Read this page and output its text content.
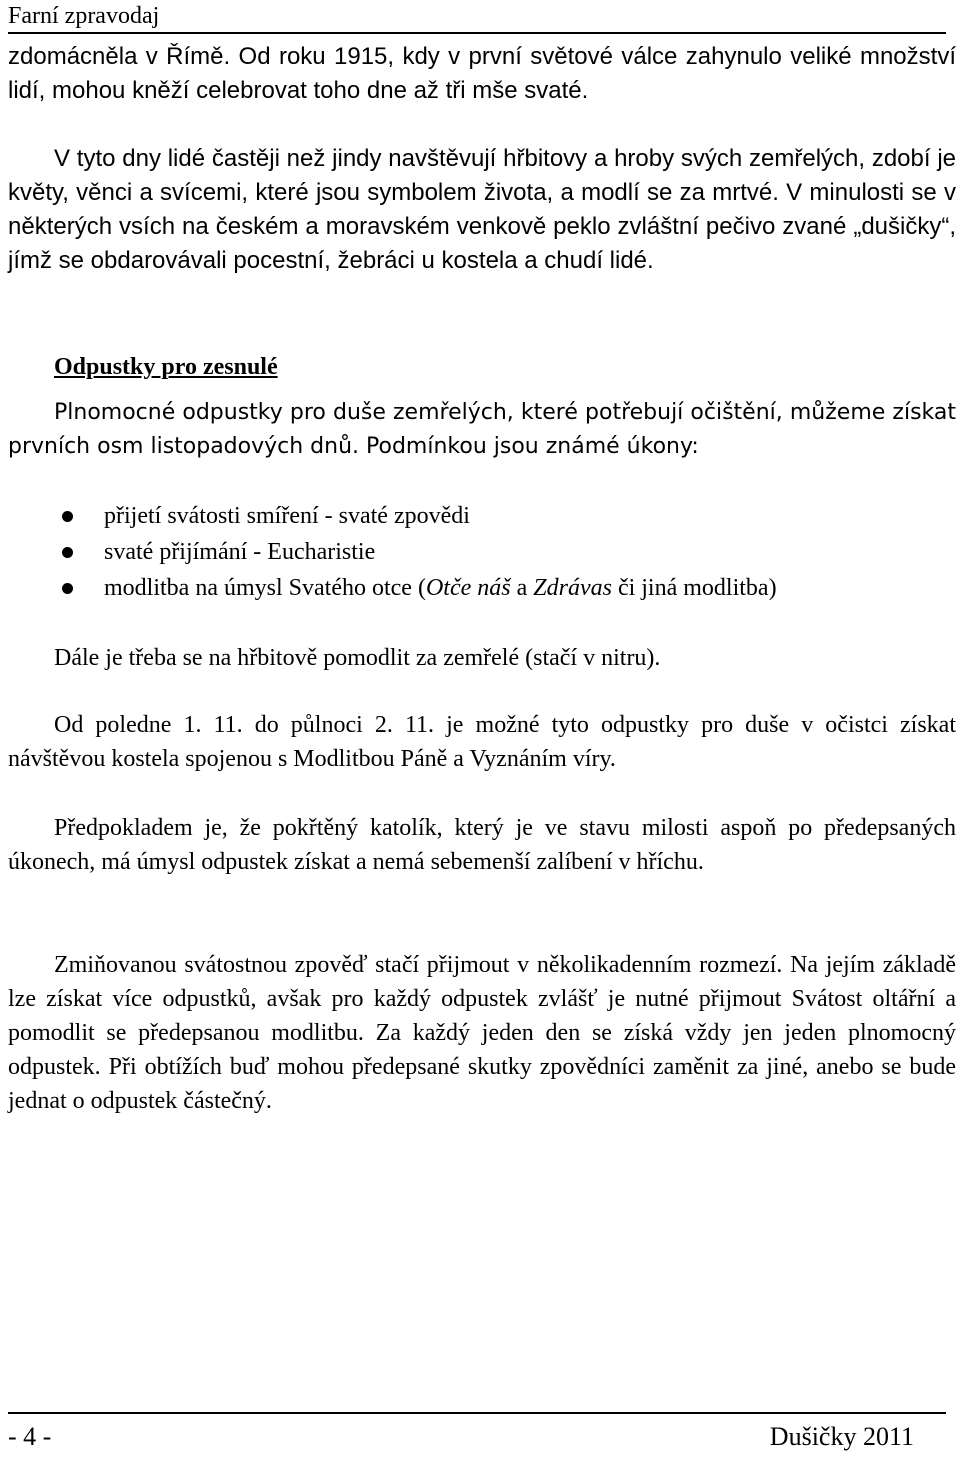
Farní zpravodaj

zdomácněla v Římě. Od roku 1915, kdy v první světové válce zahynulo veliké množství lidí, mohou kněží celebrovat toho dne až tři mše svaté.

V tyto dny lidé častěji než jindy navštěvují hřbitovy a hroby svých zemřelých, zdobí je květy, věnci a svícemi, které jsou symbolem života, a modlí se za mrtvé. V minulosti se v některých vsích na českém a moravském venkově peklo zvláštní pečivo zvané „dušičky“, jímž se obdarovávali pocestní, žebráci u kostela a chudí lidé.

Odpustky pro zesnulé

Plnomocné odpustky pro duše zemřelých, které potřebují očištění, můžeme získat prvních osm listopadových dnů. Podmínkou jsou známé úkony:

přijetí svátosti smíření - svaté zpovědi
svaté přijímání - Eucharistie
modlitba na úmysl Svatého otce (Otče náš a Zdrávas či jiná modlitba)

Dále je třeba se na hřbitově pomodlit za zemřelé (stačí v nitru).

Od poledne 1. 11. do půlnoci 2. 11. je možné tyto odpustky pro duše v očistci získat návštěvou kostela spojenou s Modlitbou Páně a Vyznáním víry.

Předpokladem je, že pokřtěný katolík, který je ve stavu milosti aspoň po předepsaných úkonech, má úmysl odpustek získat a nemá sebemenší zalíbení v hříchu.

Zmiňovanou svátostnou zpověď stačí přijmout v několikadenním rozmezí. Na jejím základě lze získat více odpustků, avšak pro každý odpustek zvlášť je nutné přijmout Svátost oltářní a pomodlit se předepsanou modlitbu. Za každý jeden den se získá vždy jen jeden plnomocný odpustek. Při obtížích buď mohou předepsané skutky zpovědníci zaměnit za jiné, anebo se bude jednat o odpustek částečný.

- 4 -	Dušičky 2011
